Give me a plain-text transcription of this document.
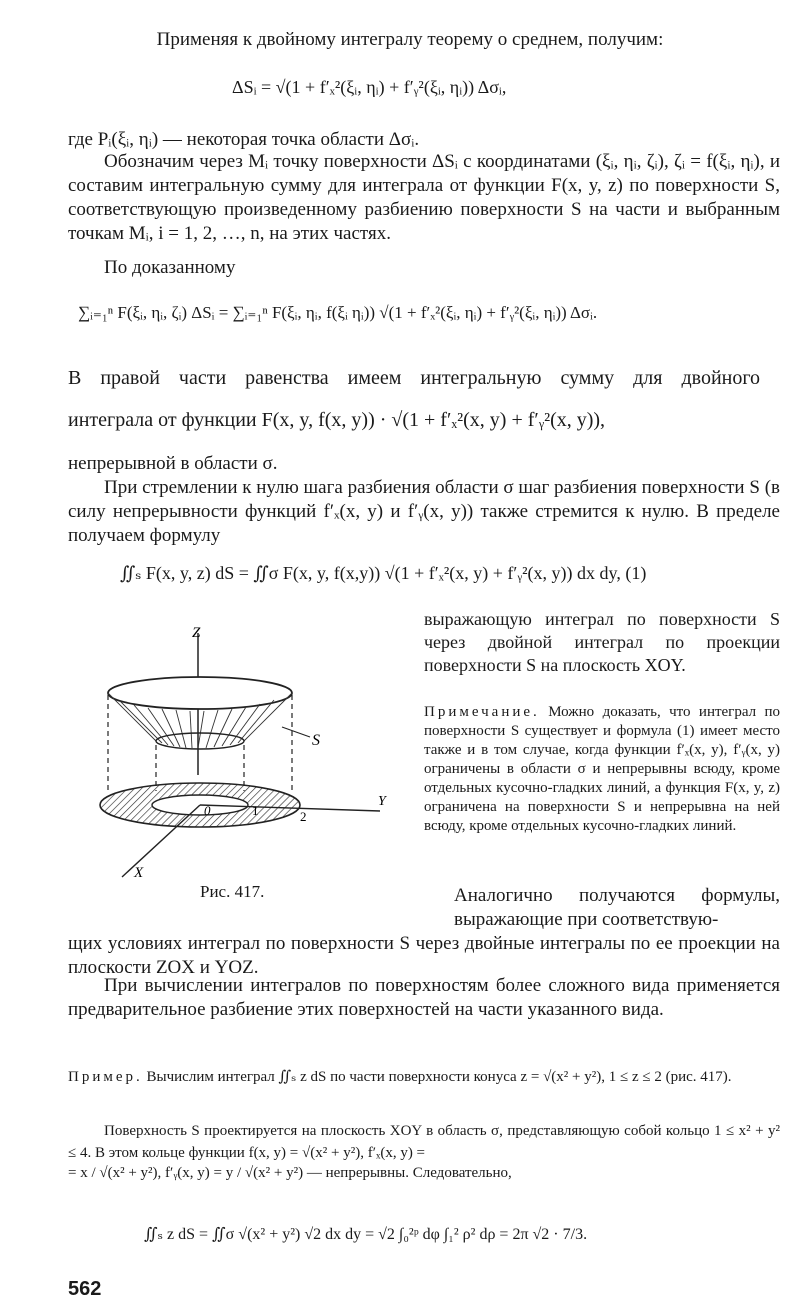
Применяя к двойному интегралу теорему о среднем, получим:
ΔSᵢ = √(1 + f′ₓ²(ξᵢ, ηᵢ) + f′ᵧ²(ξᵢ, ηᵢ)) Δσᵢ,
где Pᵢ(ξᵢ, ηᵢ) — некоторая точка области Δσᵢ.

Обозначим через Mᵢ точку поверхности ΔSᵢ с координатами (ξᵢ, ηᵢ, ζᵢ), ζᵢ = f(ξᵢ, ηᵢ), и составим интегральную сумму для интеграла от функции F(x, y, z) по поверхности S, соответствующую произведенному разбиению поверхности S на части и выбранным точкам Mᵢ, i = 1, 2, …, n, на этих частях.

По доказанному
∑ᵢ₌₁ⁿ F(ξᵢ, ηᵢ, ζᵢ) ΔSᵢ = ∑ᵢ₌₁ⁿ F(ξᵢ, ηᵢ, f(ξᵢ ηᵢ)) √(1 + f′ₓ²(ξᵢ, ηᵢ) + f′ᵧ²(ξᵢ, ηᵢ)) Δσᵢ.
В правой части равенства имеем интегральную сумму для двойного
интеграла от функции F(x, y, f(x, y)) · √(1 + f′ₓ²(x, y) + f′ᵧ²(x, y)),
непрерывной в области σ.

При стремлении к нулю шага разбиения области σ шаг разбиения поверхности S (в силу непрерывности функций f′ₓ(x, y) и f′ᵧ(x, y)) также стремится к нулю. В пределе получаем формулу

∬ₛ F(x, y, z) dS = ∬σ F(x, y, f(x,y)) √(1 + f′ₓ²(x, y) + f′ᵧ²(x, y)) dx dy, (1)

выражающую интеграл по поверхности S через двойной интеграл по проекции поверхности S на плоскость XOY.

Примечание. Можно доказать, что интеграл по поверхности S существует и формула (1) имеет место также и в том случае, когда функции f′ₓ(x, y), f′ᵧ(x, y) ограничены в области σ и непрерывны всюду, кроме отдельных кусочно-гладких линий, а функция F(x, y, z) ограничена на поверхности S и непрерывна на ней всюду, кроме отдельных кусочно-гладких линий.

Z
S
Y
X
0	1	2
Рис. 417.	Аналогично получаются формулы, выражающие при соответствую-

щих условиях интеграл по поверхности S через двойные интегралы по ее проекции на плоскости ZOX и YOZ.

При вычислении интегралов по поверхностям более сложного вида применяется предварительное разбиение этих поверхностей на части указанного вида.

Пример. Вычислим интеграл ∬ₛ z dS по части поверхности конуса z = √(x² + y²), 1 ≤ z ≤ 2 (рис. 417).

Поверхность S проектируется на плоскость XOY в область σ, представляющую собой кольцо 1 ≤ x² + y² ≤ 4. В этом кольце функции f(x, y) = √(x² + y²), f′ₓ(x, y) =

= x / √(x² + y²), f′ᵧ(x, y) = y / √(x² + y²) — непрерывны. Следовательно,
∬ₛ z dS = ∬σ √(x² + y²) √2 dx dy = √2 ∫₀²ᵖ dφ ∫₁² ρ² dρ = 2π √2 · 7/3.
562
